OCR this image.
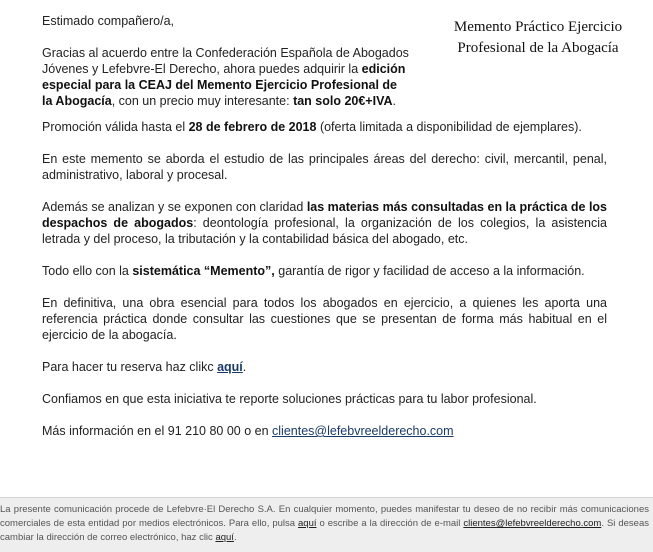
Memento Práctico Ejercicio
Profesional de la Abogacía

Estimado compañero/a,

Gracias al acuerdo entre la Confederación Española de Abogados
Jóvenes y Lefebvre-El Derecho, ahora puedes adquirir la edición
especial para la CEAJ del Memento Ejercicio Profesional de
la Abogacía, con un precio muy interesante: tan solo 20€+IVA.

Promoción válida hasta el 28 de febrero de 2018 (oferta limitada a disponibilidad de ejemplares).

En este memento se aborda el estudio de las principales áreas del derecho: civil, mercantil, penal, administrativo, laboral y procesal.

Además se analizan y se exponen con claridad las materias más consultadas en la práctica de los despachos de abogados: deontología profesional, la organización de los colegios, la asistencia letrada y del proceso, la tributación y la contabilidad básica del abogado, etc.

Todo ello con la sistemática “Memento”, garantía de rigor y facilidad de acceso a la información.

En definitiva, una obra esencial para todos los abogados en ejercicio, a quienes les aporta una referencia práctica donde consultar las cuestiones que se presentan de forma más habitual en el ejercicio de la abogacía.

Para hacer tu reserva haz clikc aquí.

Confiamos en que esta iniciativa te reporte soluciones prácticas para tu labor profesional.

Más información en el 91 210 80 00 o en clientes@lefebvreelderecho.com

La presente comunicación procede de Lefebvre·El Derecho S.A. En cualquier momento, puedes manifestar tu deseo de no recibir más comunicaciones comerciales de esta entidad por medios electrónicos. Para ello, pulsa aquí o escribe a la dirección de e-mail clientes@lefebvreelderecho.com. Si deseas cambiar la dirección de correo electrónico, haz clic aquí.
